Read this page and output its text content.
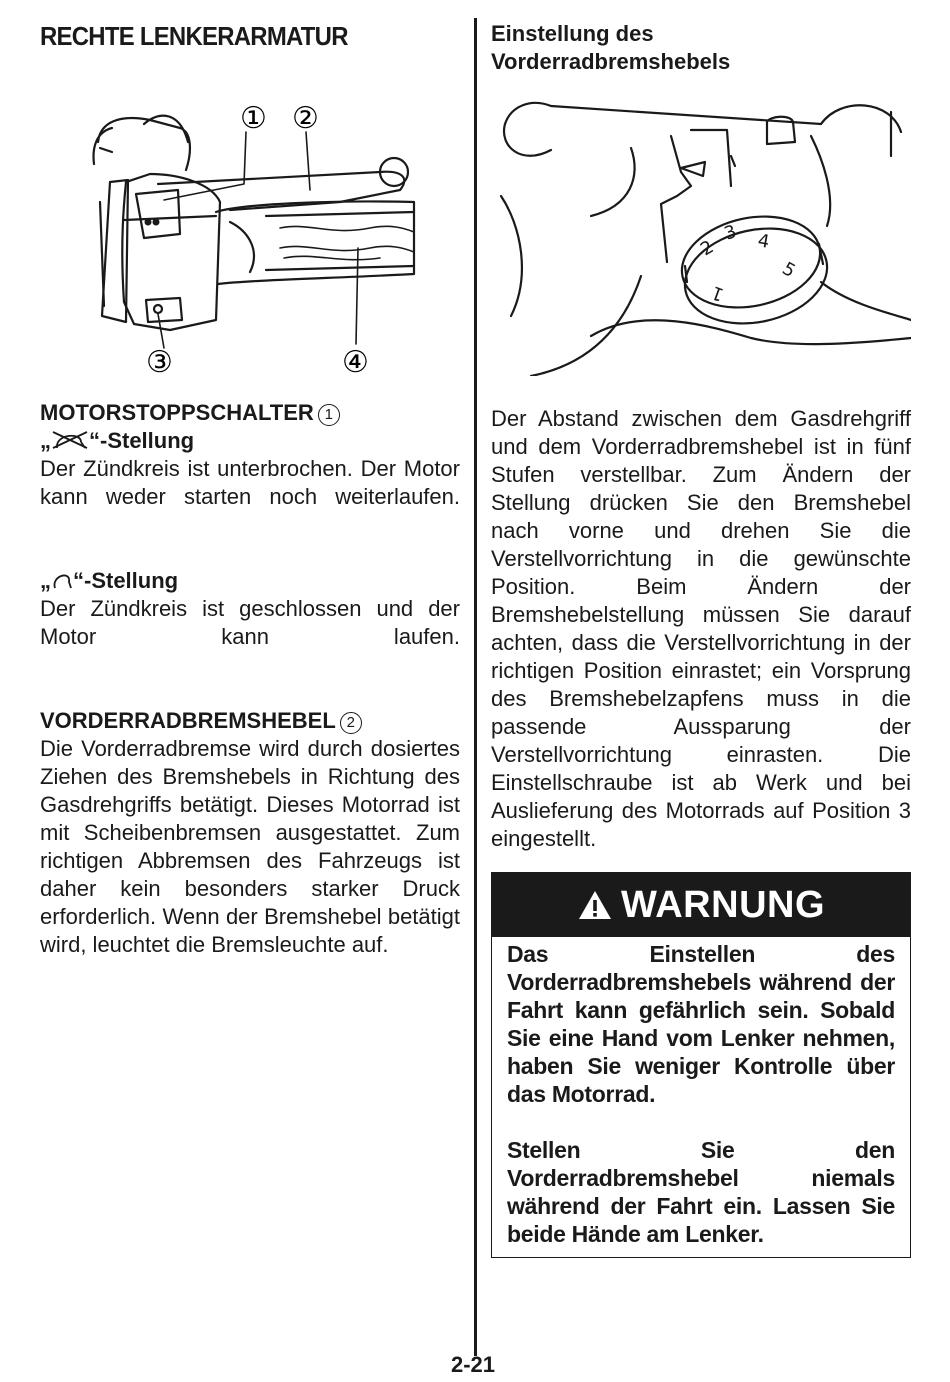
RECHTE LENKERARMATUR
① ②
③	④

MOTORSTOPPSCHALTER 1

„ “-Stellung

Der Zündkreis ist unterbrochen. Der Motor kann weder starten noch weiterlaufen.

„ “-Stellung

Der Zündkreis ist geschlossen und der Motor kann laufen.

VORDERRADBREMSHEBEL 2

Die Vorderradbremse wird durch dosiertes Ziehen des Bremshebels in Richtung des Gasdrehgriffs betätigt. Dieses Motorrad ist mit Scheibenbremsen ausgestattet. Zum richtigen Abbremsen des Fahrzeugs ist daher kein besonders starker Druck erforderlich. Wenn der Bremshebel betätigt wird, leuchtet die Bremsleuchte auf.

Einstellung des

Vorderradbremshebels

2
3 4
5
1

Der Abstand zwischen dem Gasdrehgriff und dem Vorderradbremshebel ist in fünf Stufen verstellbar. Zum Ändern der Stellung drücken Sie den Bremshebel nach vorne und drehen Sie die Verstellvorrichtung in die gewünschte Position. Beim Ändern der Bremshebelstellung müssen Sie darauf achten, dass die Verstellvorrichtung in der richtigen Position einrastet; ein Vorsprung des Bremshebelzapfens muss in die passende Aussparung der Verstellvorrichtung einrasten. Die Einstellschraube ist ab Werk und bei Auslieferung des Motorrads auf Position 3 eingestellt.

WARNUNG

Das Einstellen des Vorderradbremshebels während der Fahrt kann gefährlich sein. Sobald Sie eine Hand vom Lenker nehmen, haben Sie weniger Kontrolle über das Motorrad.

Stellen Sie den Vorderradbremshebel niemals während der Fahrt ein. Lassen Sie beide Hände am Lenker.

2-21
